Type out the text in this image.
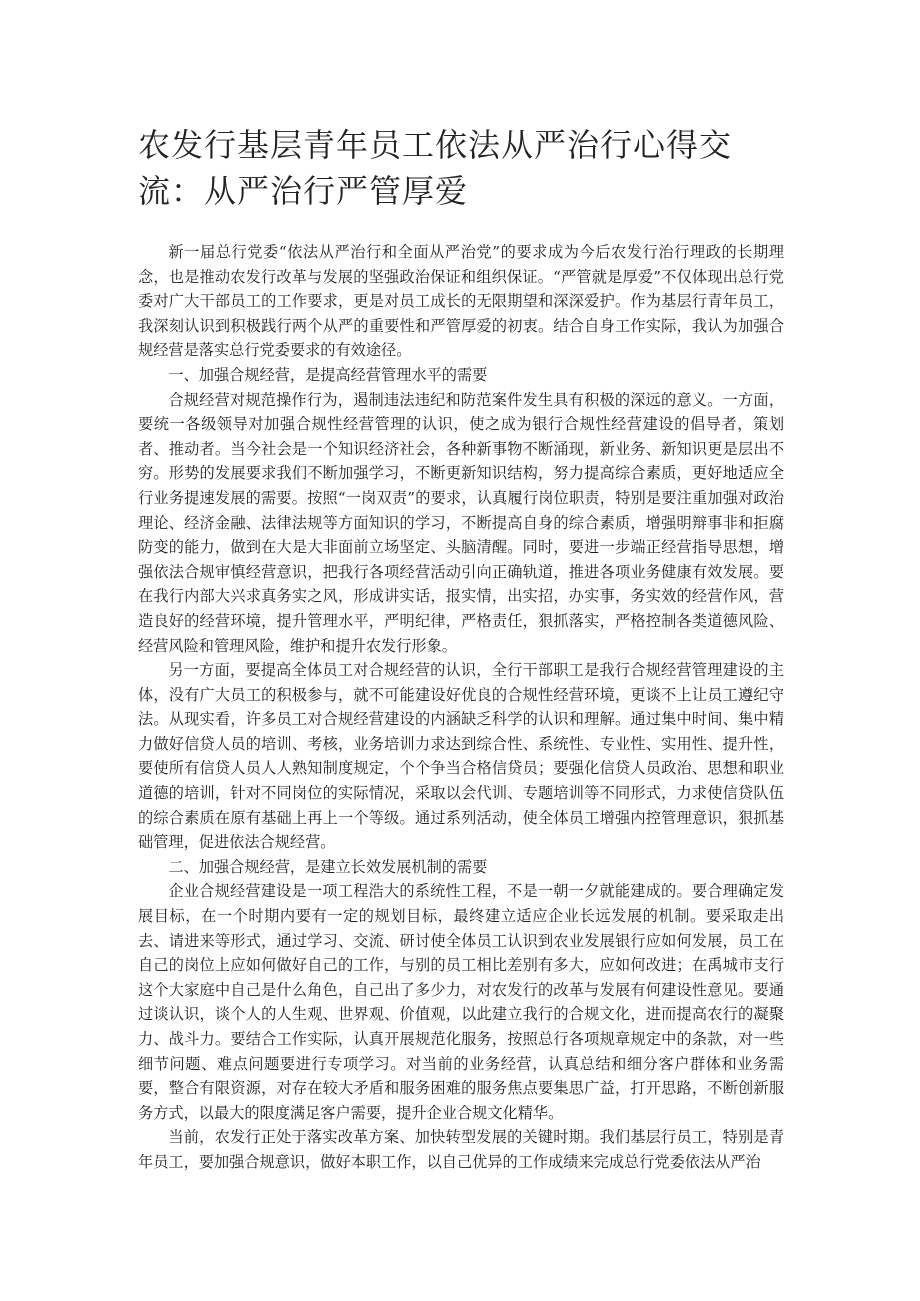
农发行基层青年员工依法从严治行心得交流：从严治行严管厚爱

新一届总行党委“依法从严治行和全面从严治党”的要求成为今后农发行治行理政的长期理念，也是推动农发行改革与发展的坚强政治保证和组织保证。“严管就是厚爱”不仅体现出总行党委对广大干部员工的工作要求，更是对员工成长的无限期望和深深爱护。作为基层行青年员工，我深刻认识到积极践行两个从严的重要性和严管厚爱的初衷。结合自身工作实际，我认为加强合规经营是落实总行党委要求的有效途径。

一、加强合规经营，是提高经营管理水平的需要

合规经营对规范操作行为，遏制违法违纪和防范案件发生具有积极的深远的意义。一方面，要统一各级领导对加强合规性经营管理的认识，使之成为银行合规性经营建设的倡导者，策划者、推动者。当今社会是一个知识经济社会，各种新事物不断涌现，新业务、新知识更是层出不穷。形势的发展要求我们不断加强学习，不断更新知识结构，努力提高综合素质，更好地适应全行业务提速发展的需要。按照“一岗双责”的要求，认真履行岗位职责，特别是要注重加强对政治理论、经济金融、法律法规等方面知识的学习，不断提高自身的综合素质，增强明辩事非和拒腐防变的能力，做到在大是大非面前立场坚定、头脑清醒。同时，要进一步端正经营指导思想，增强依法合规审慎经营意识，把我行各项经营活动引向正确轨道，推进各项业务健康有效发展。要在我行内部大兴求真务实之风，形成讲实话，报实情，出实招，办实事，务实效的经营作风，营造良好的经营环境，提升管理水平，严明纪律，严格责任，狠抓落实，严格控制各类道德风险、经营风险和管理风险，维护和提升农发行形象。

另一方面，要提高全体员工对合规经营的认识，全行干部职工是我行合规经营管理建设的主体，没有广大员工的积极参与，就不可能建设好优良的合规性经营环境，更谈不上让员工遵纪守法。从现实看，许多员工对合规经营建设的内涵缺乏科学的认识和理解。通过集中时间、集中精力做好信贷人员的培训、考核，业务培训力求达到综合性、系统性、专业性、实用性、提升性，要使所有信贷人员人人熟知制度规定，个个争当合格信贷员；要强化信贷人员政治、思想和职业道德的培训，针对不同岗位的实际情况，采取以会代训、专题培训等不同形式，力求使信贷队伍的综合素质在原有基础上再上一个等级。通过系列活动，使全体员工增强内控管理意识，狠抓基础管理，促进依法合规经营。

二、加强合规经营，是建立长效发展机制的需要

企业合规经营建设是一项工程浩大的系统性工程，不是一朝一夕就能建成的。要合理确定发展目标，在一个时期内要有一定的规划目标，最终建立适应企业长远发展的机制。要采取走出去、请进来等形式，通过学习、交流、研讨使全体员工认识到农业发展银行应如何发展，员工在自己的岗位上应如何做好自己的工作，与别的员工相比差别有多大，应如何改进；在禹城市支行这个大家庭中自己是什么角色，自己出了多少力，对农发行的改革与发展有何建设性意见。要通过谈认识，谈个人的人生观、世界观、价值观，以此建立我行的合规文化，进而提高农行的凝聚力、战斗力。要结合工作实际，认真开展规范化服务，按照总行各项规章规定中的条款，对一些细节问题、难点问题要进行专项学习。对当前的业务经营，认真总结和细分客户群体和业务需要，整合有限资源，对存在较大矛盾和服务困难的服务焦点要集思广益，打开思路，不断创新服务方式，以最大的限度满足客户需要，提升企业合规文化精华。

当前，农发行正处于落实改革方案、加快转型发展的关键时期。我们基层行员工，特别是青年员工，要加强合规意识，做好本职工作，以自己优异的工作成绩来完成总行党委依法从严治
